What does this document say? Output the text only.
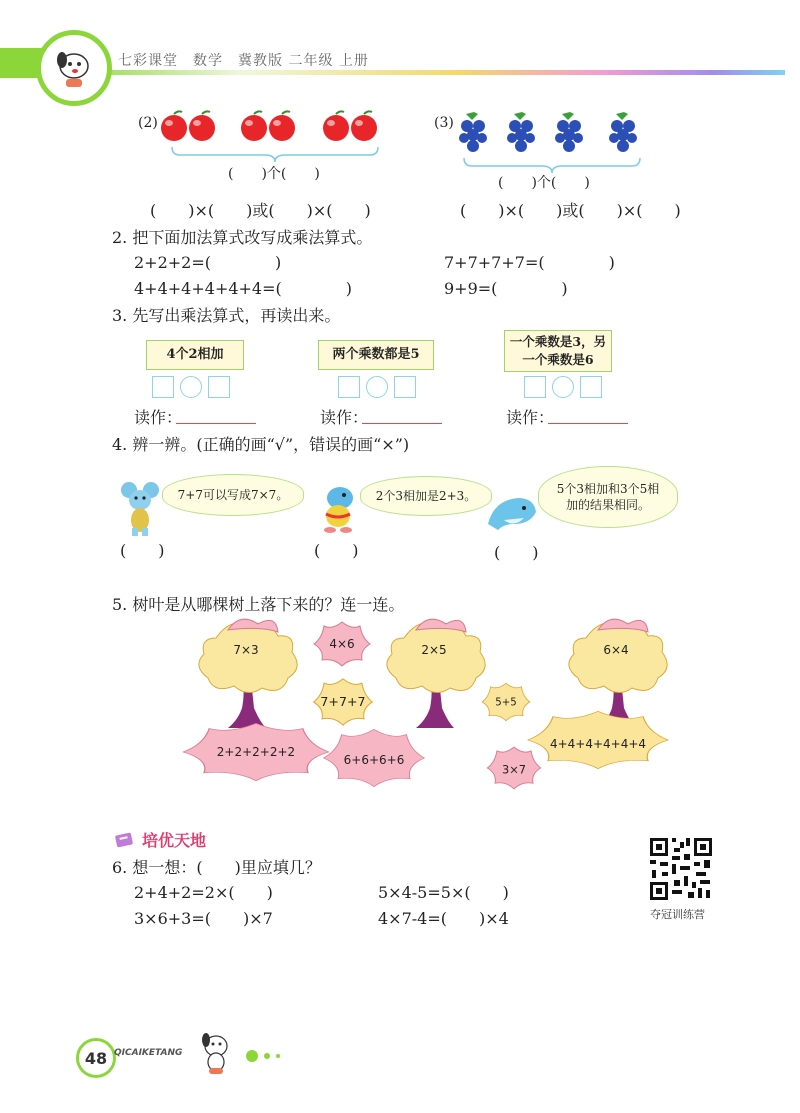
七彩课堂　数学　冀教版 二年级 上册
(2)
(　　)个(　　)
(3)
(　　)个(　　)
(　　)×(　　)或(　　)×(　　)	(　　)×(　　)或(　　)×(　　)
2. 把下面加法算式改写成乘法算式。
2+2+2=(　　　　)	7+7+7+7=(　　　　)
4+4+4+4+4+4=(　　　　)	9+9=(　　　　)
3. 先写出乘法算式，再读出来。
4个2相加
读作：
两个乘数都是5
读作：
一个乘数是3，另一个乘数是6
读作：
4. 辨一辨。(正确的画“√”，错误的画“×”)
7+7可以写成7×7。
(　　)
2个3相加是2+3。
(　　)
5个3相加和3个5相加的结果相同。
(　　)
5. 树叶是从哪棵树上落下来的？连一连。
7×3	2×5	6×4
4×6
7+7+7	5+5
2+2+2+2+2
6+6+6+6
4+4+4+4+4+4
3×7
培优天地
6. 想一想：(　　)里应填几？
2+4+2=2×(　　)	5×4-5=5×(　　)
3×6+3=(　　)×7	4×7-4=(　　)×4	夺冠训练营
48 QICAIKETANG
